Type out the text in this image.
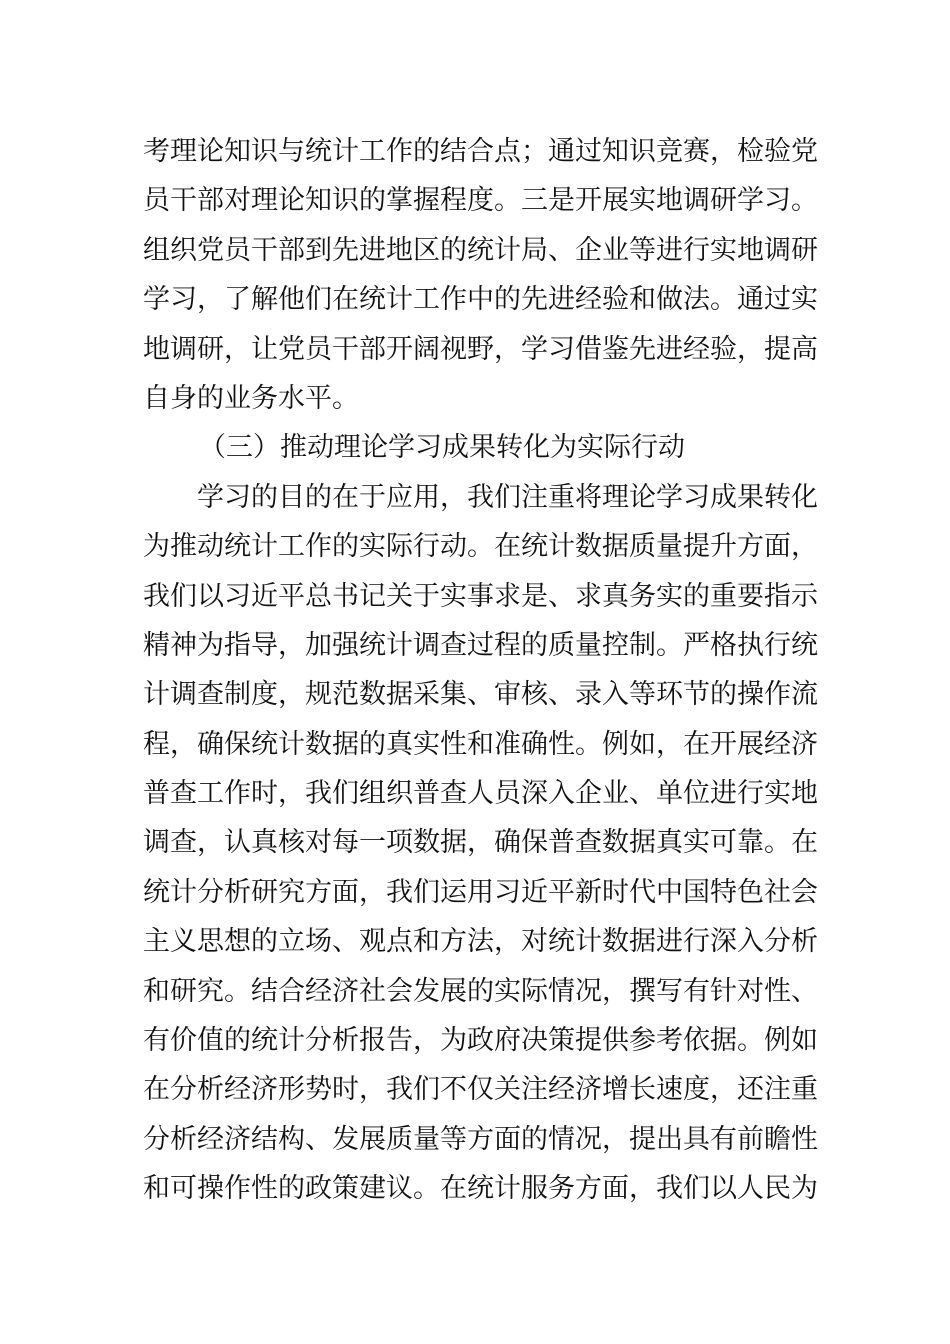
考理论知识与统计工作的结合点；通过知识竞赛，检验党
员干部对理论知识的掌握程度。三是开展实地调研学习。
组织党员干部到先进地区的统计局、企业等进行实地调研
学习，了解他们在统计工作中的先进经验和做法。通过实
地调研，让党员干部开阔视野，学习借鉴先进经验，提高
自身的业务水平。
（三）推动理论学习成果转化为实际行动
学习的目的在于应用，我们注重将理论学习成果转化
为推动统计工作的实际行动。在统计数据质量提升方面，
我们以习近平总书记关于实事求是、求真务实的重要指示
精神为指导，加强统计调查过程的质量控制。严格执行统
计调查制度，规范数据采集、审核、录入等环节的操作流
程，确保统计数据的真实性和准确性。例如，在开展经济
普查工作时，我们组织普查人员深入企业、单位进行实地
调查，认真核对每一项数据，确保普查数据真实可靠。在
统计分析研究方面，我们运用习近平新时代中国特色社会
主义思想的立场、观点和方法，对统计数据进行深入分析
和研究。结合经济社会发展的实际情况，撰写有针对性、
有价值的统计分析报告，为政府决策提供参考依据。例如
在分析经济形势时，我们不仅关注经济增长速度，还注重
分析经济结构、发展质量等方面的情况，提出具有前瞻性
和可操作性的政策建议。在统计服务方面，我们以人民为
